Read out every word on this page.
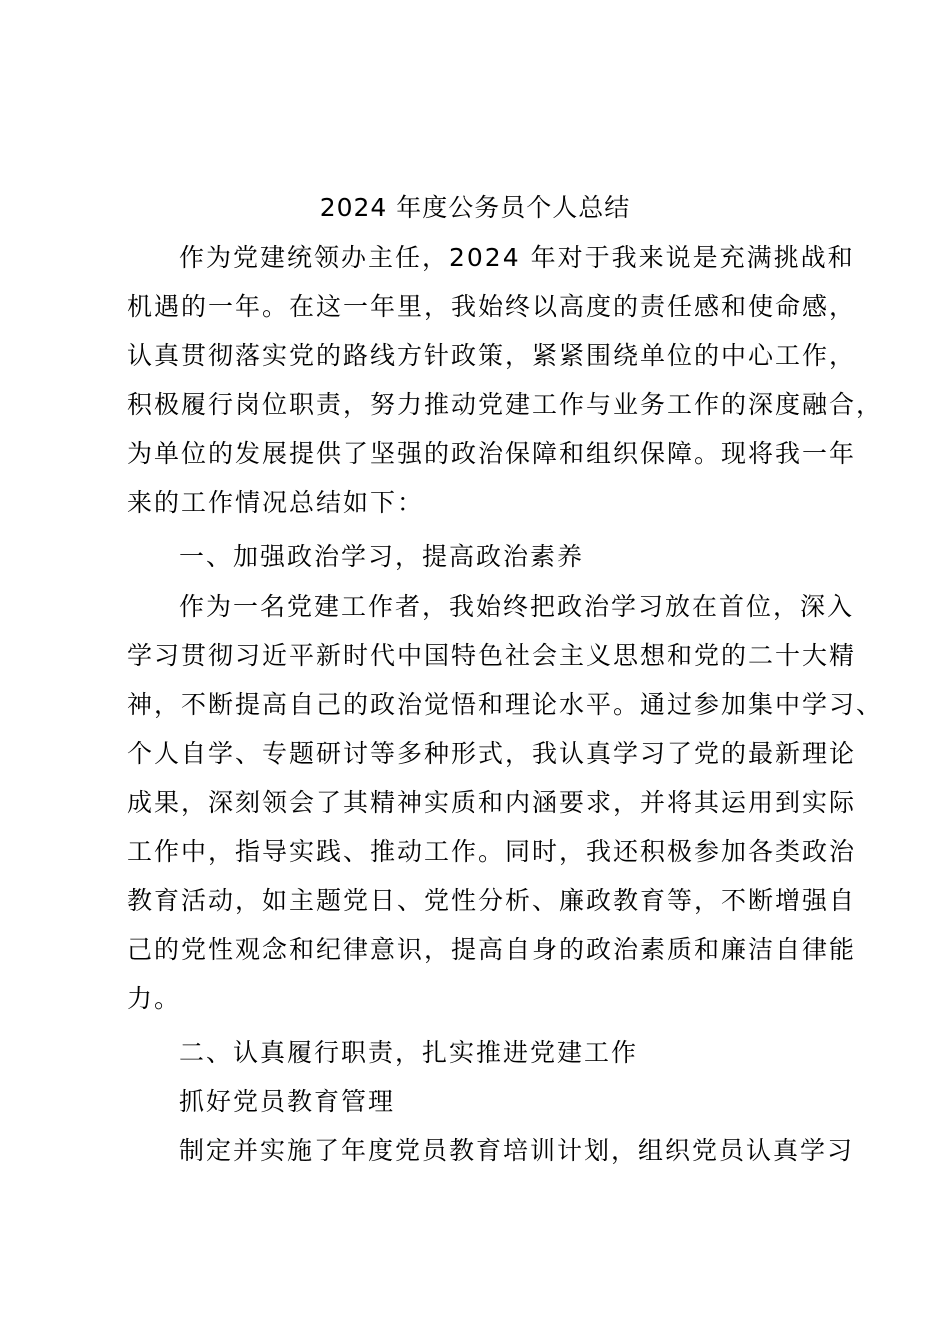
2024 年度公务员个人总结
作为党建统领办主任，2024 年对于我来说是充满挑战和
机遇的一年。在这一年里，我始终以高度的责任感和使命感，
认真贯彻落实党的路线方针政策，紧紧围绕单位的中心工作，
积极履行岗位职责，努力推动党建工作与业务工作的深度融合，
为单位的发展提供了坚强的政治保障和组织保障。现将我一年
来的工作情况总结如下：
一、加强政治学习，提高政治素养
作为一名党建工作者，我始终把政治学习放在首位，深入
学习贯彻习近平新时代中国特色社会主义思想和党的二十大精
神，不断提高自己的政治觉悟和理论水平。通过参加集中学习、
个人自学、专题研讨等多种形式，我认真学习了党的最新理论
成果，深刻领会了其精神实质和内涵要求，并将其运用到实际
工作中，指导实践、推动工作。同时，我还积极参加各类政治
教育活动，如主题党日、党性分析、廉政教育等，不断增强自
己的党性观念和纪律意识，提高自身的政治素质和廉洁自律能
力。
二、认真履行职责，扎实推进党建工作
抓好党员教育管理
制定并实施了年度党员教育培训计划，组织党员认真学习
